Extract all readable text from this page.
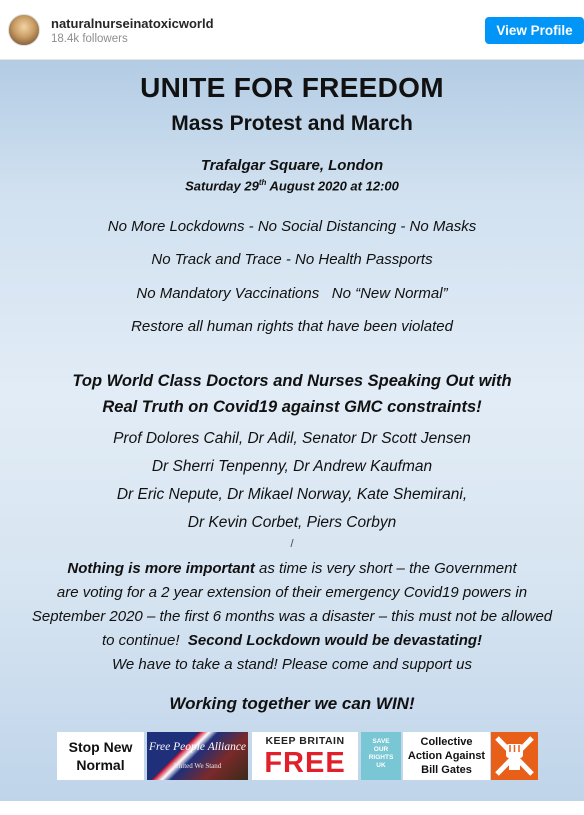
naturalnurseinatoxicworld
18.4k followers
View Profile
UNITE FOR FREEDOM
Mass Protest and March
Trafalgar Square, London
Saturday 29th August 2020 at 12:00
No More Lockdowns - No Social Distancing - No Masks
No Track and Trace - No Health Passports
No Mandatory Vaccinations   No “New Normal”
Restore all human rights that have been violated
Top World Class Doctors and Nurses Speaking Out with
Real Truth on Covid19 against GMC constraints!
Prof Dolores Cahil, Dr Adil, Senator Dr Scott Jensen
Dr Sherri Tenpenny, Dr Andrew Kaufman
Dr Eric Nepute, Dr Mikael Norway, Kate Shemirani,
Dr Kevin Corbet, Piers Corbyn
/
Nothing is more important as time is very short – the Government
are voting for a 2 year extension of their emergency Covid19 powers in
September 2020 – the first 6 months was a disaster – this must not be allowed
to continue!  Second Lockdown would be devastating!
We have to take a stand! Please come and support us
Working together we can WIN!
Stop New
Normal
Free People Alliance
United We Stand
KEEP BRITAIN
FREE
SAVE
OUR
RIGHTS
UK
Collective
Action Against
Bill Gates
